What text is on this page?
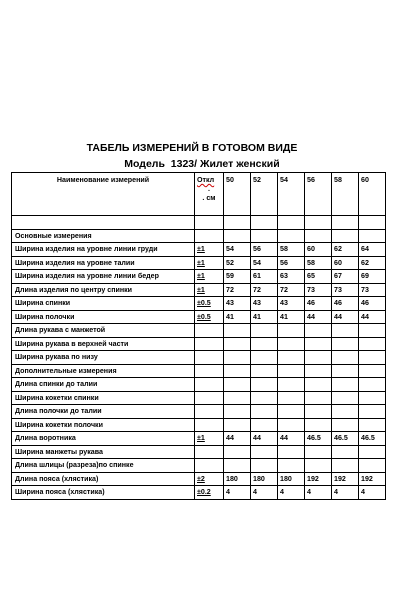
ТАБЕЛЬ ИЗМЕРЕНИЙ В ГОТОВОМ ВИДЕ
Модель  1323/ Жилет женский
Наименование измерений	Откл
.
. см	50	52	54	56	58	60

Основные измерения							
Ширина изделия на уровне линии груди	±1	54	56	58	60	62	64
Ширина изделия на уровне талии	±1	52	54	56	58	60	62
Ширина изделия на уровне линии бедер	±1	59	61	63	65	67	69
Длина изделия по центру спинки	±1	72	72	72	73	73	73
Ширина спинки	±0.5	43	43	43	46	46	46
Ширина полочки	±0.5	41	41	41	44	44	44
Длина рукава с манжетой							
Ширина рукава в верхней части							
Ширина рукава по низу							
Дополнительные измерения							
Длина спинки до талии							
Ширина кокетки спинки							
Длина полочки до талии							
Ширина кокетки полочки							
Длина воротника	±1	44	44	44	46.5	46.5	46.5
Ширина манжеты рукава							
Длина шлицы (разреза)по спинке							
Длина пояса (хлястика)	±2	180	180	180	192	192	192
Ширина пояса (хлястика)	±0.2	4	4	4	4	4	4
